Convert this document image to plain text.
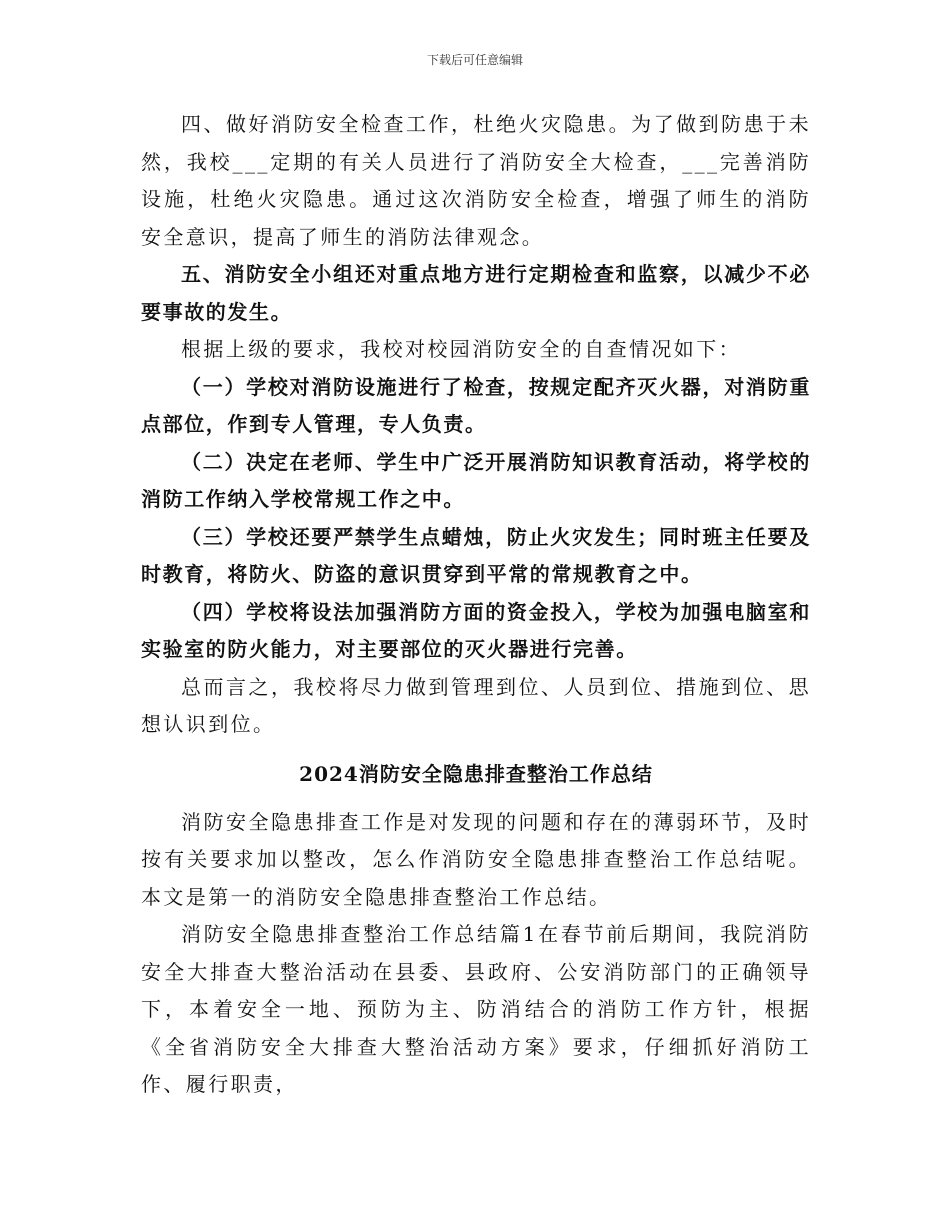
下载后可任意编辑

四、做好消防安全检查工作，杜绝火灾隐患。为了做到防患于未然，我校___定期的有关人员进行了消防安全大检查，___完善消防设施，杜绝火灾隐患。通过这次消防安全检查，增强了师生的消防安全意识，提高了师生的消防法律观念。

五、消防安全小组还对重点地方进行定期检查和监察，以减少不必要事故的发生。

根据上级的要求，我校对校园消防安全的自查情况如下：

（一）学校对消防设施进行了检查，按规定配齐灭火器，对消防重点部位，作到专人管理，专人负责。

（二）决定在老师、学生中广泛开展消防知识教育活动，将学校的消防工作纳入学校常规工作之中。

（三）学校还要严禁学生点蜡烛，防止火灾发生；同时班主任要及时教育，将防火、防盗的意识贯穿到平常的常规教育之中。

（四）学校将设法加强消防方面的资金投入，学校为加强电脑室和实验室的防火能力，对主要部位的灭火器进行完善。

总而言之，我校将尽力做到管理到位、人员到位、措施到位、思想认识到位。

2024消防安全隐患排查整治工作总结

消防安全隐患排查工作是对发现的问题和存在的薄弱环节，及时按有关要求加以整改，怎么作消防安全隐患排查整治工作总结呢。本文是第一的消防安全隐患排查整治工作总结。

消防安全隐患排查整治工作总结篇1在春节前后期间，我院消防安全大排查大整治活动在县委、县政府、公安消防部门的正确领导下，本着安全一地、预防为主、防消结合的消防工作方针，根据《全省消防安全大排查大整治活动方案》要求，仔细抓好消防工作、履行职责，
